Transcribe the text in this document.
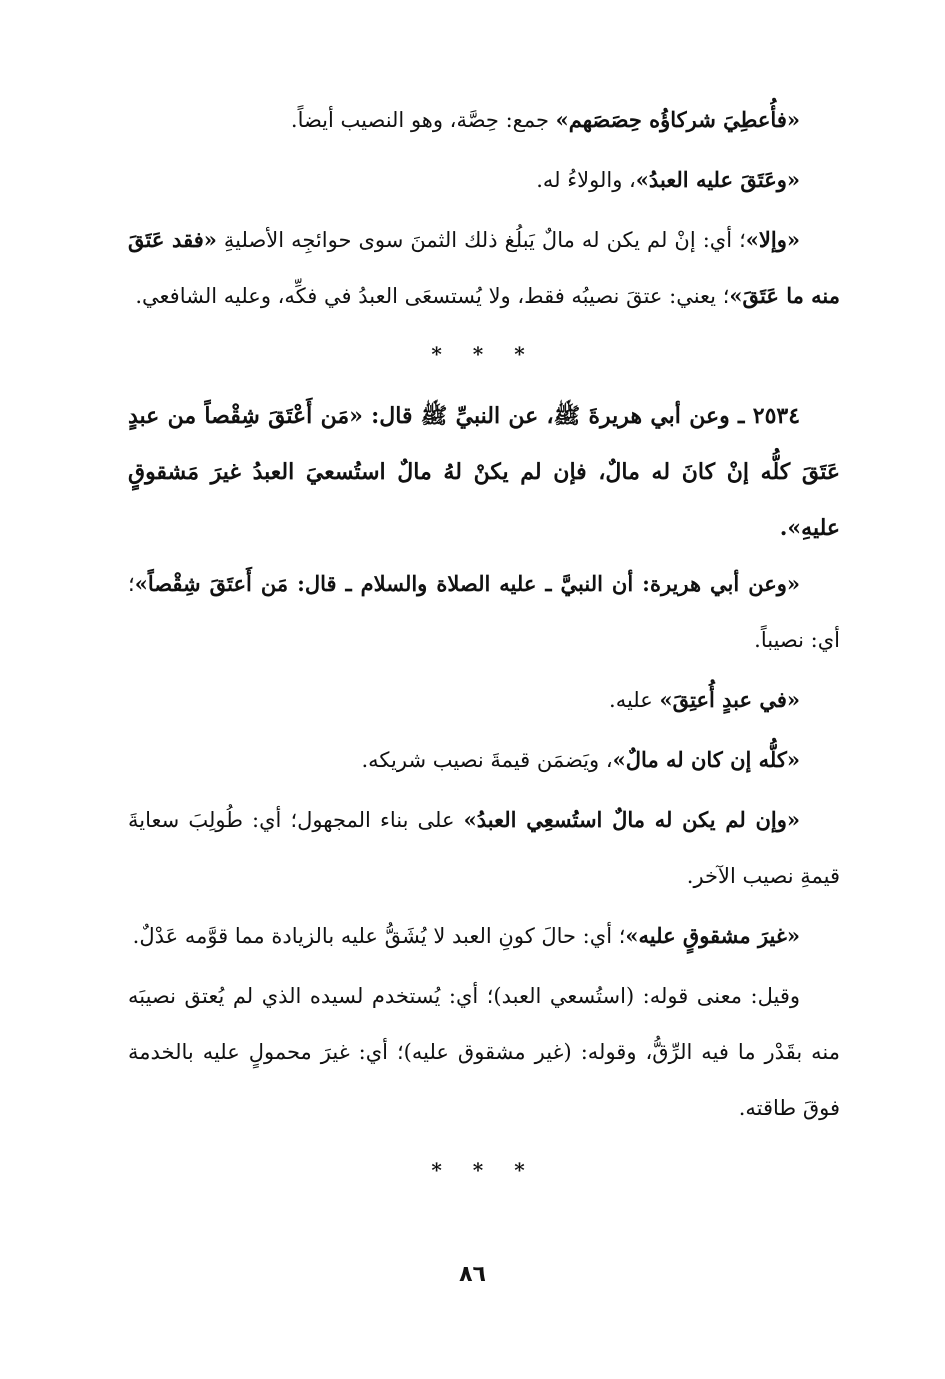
«فأُعطِيَ شركاؤُه حِصَصَهم» جمع: حِصَّة، وهو النصيب أيضاً.

«وعَتَقَ عليه العبدُ»، والولاءُ له.

«وإلا»؛ أي: إنْ لم يكن له مالٌ يَبلُغ ذلك الثمنَ سوى حوائجِه الأصليةِ «فقد عَتَقَ منه ما عَتَقَ»؛ يعني: عتقَ نصيبُه فقط، ولا يُستسعَى العبدُ في فكِّه، وعليه الشافعي.

* * *

٢٥٣٤ ـ وعن أبي هريرةَ ﷺ، عن النبيِّ ﷺ قال: «مَن أَعْتَقَ شِقْصاً من عبدٍ عَتَقَ كلُّه إنْ كانَ له مالٌ، فإن لم يكنْ لهُ مالٌ استُسعيَ العبدُ غيرَ مَشقوقٍ عليهِ».

«وعن أبي هريرة: أن النبيَّ ـ عليه الصلاة والسلام ـ قال: مَن أَعتَقَ شِقْصاً»؛ أي: نصيباً.

«في عبدٍ أُعتِقَ» عليه.

«كلُّه إن كان له مالٌ»، ويَضمَن قيمةَ نصيب شريكه.

«وإن لم يكن له مالٌ استُسعِي العبدُ» على بناء المجهول؛ أي: طُولِبَ سعايةَ قيمةِ نصيب الآخر.

«غيرَ مشقوقٍ عليه»؛ أي: حالَ كونِ العبد لا يُشَقُّ عليه بالزيادة مما قوَّمه عَدْلٌ.

وقيل: معنى قوله: (استُسعي العبد)؛ أي: يُستخدم لسيده الذي لم يُعتق نصيبَه منه بقَدْر ما فيه الرِّقُّ، وقوله: (غير مشقوق عليه)؛ أي: غيرَ محمولٍ عليه بالخدمة فوقَ طاقته.

* * *
٨٦
